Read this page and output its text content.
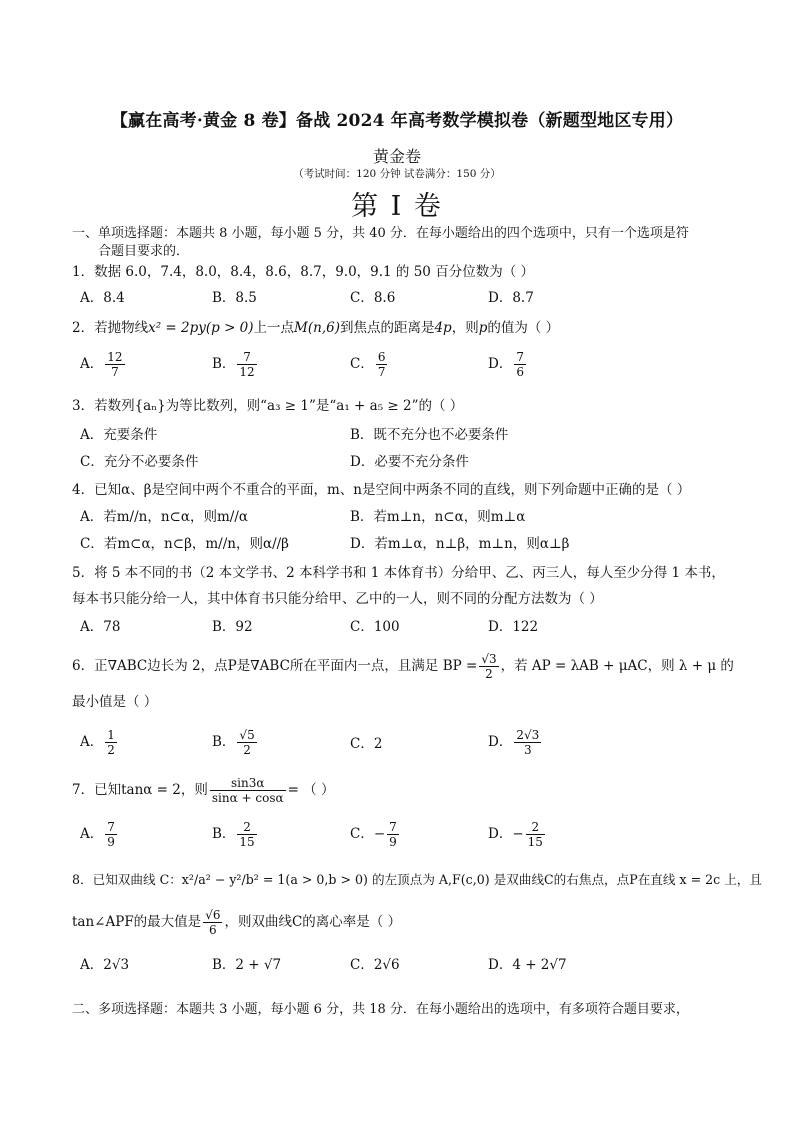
【赢在高考·黄金 8 卷】备战 2024 年高考数学模拟卷（新题型地区专用）
黄金卷
（考试时间：120 分钟 试卷满分：150 分）
第 I 卷
一、单项选择题：本题共 8 小题，每小题 5 分，共 40 分．在每小题给出的四个选项中，只有一个选项是符
合题目要求的．
1．数据 6.0，7.4，8.0，8.4，8.6，8.7，9.0，9.1 的 50 百分位数为（ ）
A．8.4	B．8.5	C．8.6	D．8.7
2．若抛物线x² = 2py(p > 0)上一点M(n,6)到焦点的距离是4p，则p的值为（ ）
A． $\frac{12}{7}$	B． $\frac{7}{12}$	C． $\frac{6}{7}$	D． $\frac{7}{6}$
3．若数列{aₙ}为等比数列，则“a₃ ≥ 1”是“a₁ + a₅ ≥ 2”的（ ）
A．充要条件	B．既不充分也不必要条件
C．充分不必要条件	D．必要不充分条件
4．已知α、β是空间中两个不重合的平面，m、n是空间中两条不同的直线，则下列命题中正确的是（ ）
A．若m//n，n⊂α，则m//α	B．若m⊥n，n⊂α，则m⊥α
C．若m⊂α，n⊂β，m//n，则α//β	D．若m⊥α，n⊥β，m⊥n，则α⊥β
5．将 5 本不同的书（2 本文学书、2 本科学书和 1 本体育书）分给甲、乙、丙三人，每人至少分得 1 本书，
每本书只能分给一人，其中体育书只能分给甲、乙中的一人，则不同的分配方法数为（ ）
A．78	B．92	C．100	D．122
6．正∇ABC边长为 2，点P是∇ABC所在平面内一点，且满足 BP = $\frac{√3}{2}$ ，若 AP = λAB + μAC，则 λ + μ 的
最小值是（ ）
A． $\frac{1}{2}$	B． $\frac{√5}{2}$	C．2	D． $\frac{2√3}{3}$
7．已知tanα = 2，则 $\frac{\sin 3\alpha}{\sin\alpha + \cos\alpha}$ = （ ）
A． $\frac{7}{9}$	B． $\frac{2}{15}$	C．− $\frac{7}{9}$	D．− $\frac{2}{15}$
8．已知双曲线 C：x²/a² − y²/b² = 1(a > 0,b > 0) 的左顶点为 A,F(c,0) 是双曲线C的右焦点，点P在直线 x = 2c 上，且
tan∠APF的最大值是 $\frac{√6}{6}$ ，则双曲线C的离心率是（ ）
A．2√3	B．2 + √7	C．2√6	D．4 + 2√7
二、多项选择题：本题共 3 小题，每小题 6 分，共 18 分．在每小题给出的选项中，有多项符合题目要求，
